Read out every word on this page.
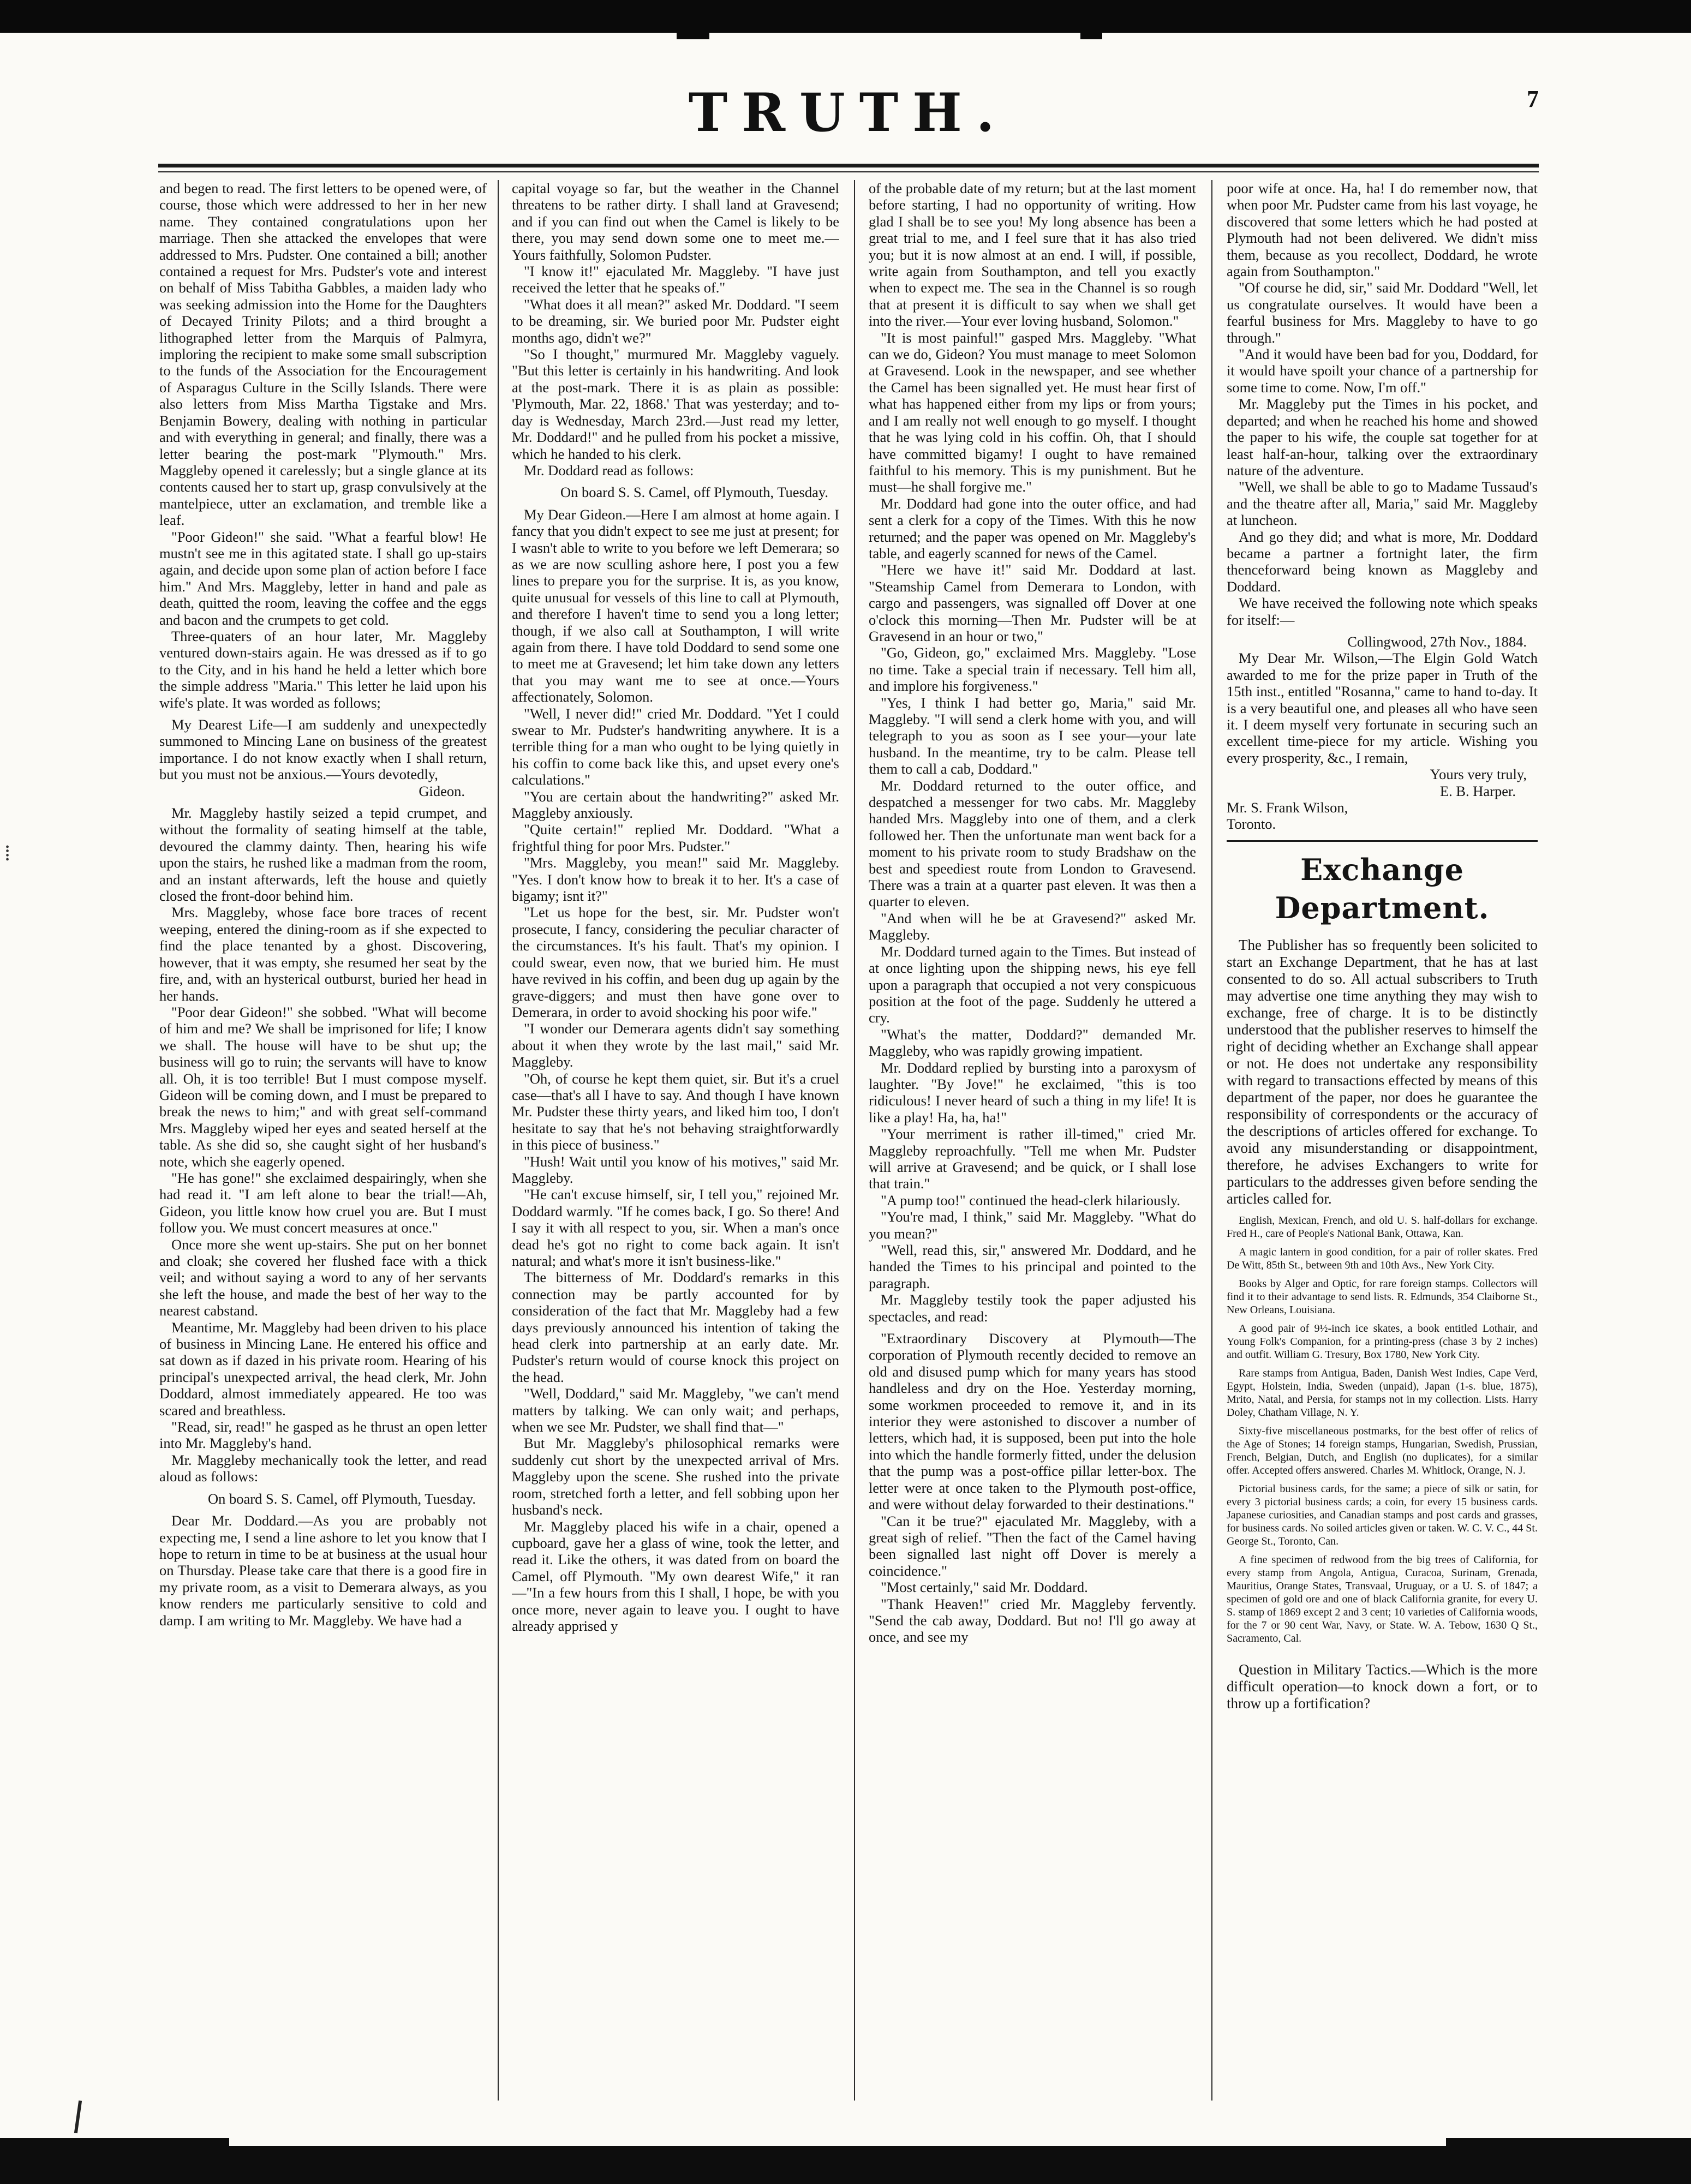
TRUTH.	7

and begen to read. The first letters to be opened were, of course, those which were addressed to her in her new name. They contained congratulations upon her marriage. Then she attacked the envelopes that were addressed to Mrs. Pudster. One contained a bill; another contained a request for Mrs. Pudster's vote and interest on behalf of Miss Tabitha Gabbles, a maiden lady who was seeking admission into the Home for the Daughters of Decayed Trinity Pilots; and a third brought a lithographed letter from the Marquis of Palmyra, imploring the recipient to make some small subscription to the funds of the Association for the Encouragement of Asparagus Culture in the Scilly Islands. There were also letters from Miss Martha Tigstake and Mrs. Benjamin Bowery, dealing with nothing in particular and with everything in general; and finally, there was a letter bearing the post-mark "Plymouth." Mrs. Maggleby opened it carelessly; but a single glance at its contents caused her to start up, grasp convulsively at the mantelpiece, utter an exclamation, and tremble like a leaf.

"Poor Gideon!" she said. "What a fearful blow! He mustn't see me in this agitated state. I shall go up-stairs again, and decide upon some plan of action before I face him." And Mrs. Maggleby, letter in hand and pale as death, quitted the room, leaving the coffee and the eggs and bacon and the crumpets to get cold.

Three-quaters of an hour later, Mr. Maggleby ventured down-stairs again. He was dressed as if to go to the City, and in his hand he held a letter which bore the simple address "Maria." This letter he laid upon his wife's plate. It was worded as follows;

My Dearest Life—I am suddenly and unexpectedly summoned to Mincing Lane on business of the greatest importance. I do not know exactly when I shall return, but you must not be anxious.—Yours devotedly,

Gideon.

Mr. Maggleby hastily seized a tepid crumpet, and without the formality of seating himself at the table, devoured the clammy dainty. Then, hearing his wife upon the stairs, he rushed like a madman from the room, and an instant afterwards, left the house and quietly closed the front-door behind him.

Mrs. Maggleby, whose face bore traces of recent weeping, entered the dining-room as if she expected to find the place tenanted by a ghost. Discovering, however, that it was empty, she resumed her seat by the fire, and, with an hysterical outburst, buried her head in her hands.

"Poor dear Gideon!" she sobbed. "What will become of him and me? We shall be imprisoned for life; I know we shall. The house will have to be shut up; the business will go to ruin; the servants will have to know all. Oh, it is too terrible! But I must compose myself. Gideon will be coming down, and I must be prepared to break the news to him;" and with great self-command Mrs. Maggleby wiped her eyes and seated herself at the table. As she did so, she caught sight of her husband's note, which she eagerly opened.

"He has gone!" she exclaimed despairingly, when she had read it. "I am left alone to bear the trial!—Ah, Gideon, you little know how cruel you are. But I must follow you. We must concert measures at once."

Once more she went up-stairs. She put on her bonnet and cloak; she covered her flushed face with a thick veil; and without saying a word to any of her servants she left the house, and made the best of her way to the nearest cabstand.

Meantime, Mr. Maggleby had been driven to his place of business in Mincing Lane. He entered his office and sat down as if dazed in his private room. Hearing of his principal's unexpected arrival, the head clerk, Mr. John Doddard, almost immediately appeared. He too was scared and breathless.

"Read, sir, read!" he gasped as he thrust an open letter into Mr. Maggleby's hand.

Mr. Maggleby mechanically took the letter, and read aloud as follows:

On board S. S. Camel, off Plymouth, Tuesday.

Dear Mr. Doddard.—As you are probably not expecting me, I send a line ashore to let you know that I hope to return in time to be at business at the usual hour on Thursday. Please take care that there is a good fire in my private room, as a visit to Demerara always, as you know renders me particularly sensitive to cold and damp. I am writing to Mr. Maggleby. We have had a

capital voyage so far, but the weather in the Channel threatens to be rather dirty. I shall land at Gravesend; and if you can find out when the Camel is likely to be there, you may send down some one to meet me.—Yours faithfully, Solomon Pudster.

"I know it!" ejaculated Mr. Maggleby. "I have just received the letter that he speaks of."

"What does it all mean?" asked Mr. Doddard. "I seem to be dreaming, sir. We buried poor Mr. Pudster eight months ago, didn't we?"

"So I thought," murmured Mr. Maggleby vaguely. "But this letter is certainly in his handwriting. And look at the post-mark. There it is as plain as possible: 'Plymouth, Mar. 22, 1868.' That was yesterday; and to-day is Wednesday, March 23rd.—Just read my letter, Mr. Doddard!" and he pulled from his pocket a missive, which he handed to his clerk.

Mr. Doddard read as follows:

On board S. S. Camel, off Plymouth, Tuesday.

My Dear Gideon.—Here I am almost at home again. I fancy that you didn't expect to see me just at present; for I wasn't able to write to you before we left Demerara; so as we are now sculling ashore here, I post you a few lines to prepare you for the surprise. It is, as you know, quite unusual for vessels of this line to call at Plymouth, and therefore I haven't time to send you a long letter; though, if we also call at Southampton, I will write again from there. I have told Doddard to send some one to meet me at Gravesend; let him take down any letters that you may want me to see at once.—Yours affectionately, Solomon.

"Well, I never did!" cried Mr. Doddard. "Yet I could swear to Mr. Pudster's handwriting anywhere. It is a terrible thing for a man who ought to be lying quietly in his coffin to come back like this, and upset every one's calculations."

"You are certain about the handwriting?" asked Mr. Maggleby anxiously.

"Quite certain!" replied Mr. Doddard. "What a frightful thing for poor Mrs. Pudster."

"Mrs. Maggleby, you mean!" said Mr. Maggleby. "Yes. I don't know how to break it to her. It's a case of bigamy; isnt it?"

"Let us hope for the best, sir. Mr. Pudster won't prosecute, I fancy, considering the peculiar character of the circumstances. It's his fault. That's my opinion. I could swear, even now, that we buried him. He must have revived in his coffin, and been dug up again by the grave-diggers; and must then have gone over to Demerara, in order to avoid shocking his poor wife."

"I wonder our Demerara agents didn't say something about it when they wrote by the last mail," said Mr. Maggleby.

"Oh, of course he kept them quiet, sir. But it's a cruel case—that's all I have to say. And though I have known Mr. Pudster these thirty years, and liked him too, I don't hesitate to say that he's not behaving straightforwardly in this piece of business."

"Hush! Wait until you know of his motives," said Mr. Maggleby.

"He can't excuse himself, sir, I tell you," rejoined Mr. Doddard warmly. "If he comes back, I go. So there! And I say it with all respect to you, sir. When a man's once dead he's got no right to come back again. It isn't natural; and what's more it isn't business-like."

The bitterness of Mr. Doddard's remarks in this connection may be partly accounted for by consideration of the fact that Mr. Maggleby had a few days previously announced his intention of taking the head clerk into partnership at an early date. Mr. Pudster's return would of course knock this project on the head.

"Well, Doddard," said Mr. Maggleby, "we can't mend matters by talking. We can only wait; and perhaps, when we see Mr. Pudster, we shall find that—"

But Mr. Maggleby's philosophical remarks were suddenly cut short by the unexpected arrival of Mrs. Maggleby upon the scene. She rushed into the private room, stretched forth a letter, and fell sobbing upon her husband's neck.

Mr. Maggleby placed his wife in a chair, opened a cupboard, gave her a glass of wine, took the letter, and read it. Like the others, it was dated from on board the Camel, off Plymouth. "My own dearest Wife," it ran—"In a few hours from this I shall, I hope, be with you once more, never again to leave you. I ought to have already apprised y

of the probable date of my return; but at the last moment before starting, I had no opportunity of writing. How glad I shall be to see you! My long absence has been a great trial to me, and I feel sure that it has also tried you; but it is now almost at an end. I will, if possible, write again from Southampton, and tell you exactly when to expect me. The sea in the Channel is so rough that at present it is difficult to say when we shall get into the river.—Your ever loving husband, Solomon."

"It is most painful!" gasped Mrs. Maggleby. "What can we do, Gideon? You must manage to meet Solomon at Gravesend. Look in the newspaper, and see whether the Camel has been signalled yet. He must hear first of what has happened either from my lips or from yours; and I am really not well enough to go myself. I thought that he was lying cold in his coffin. Oh, that I should have committed bigamy! I ought to have remained faithful to his memory. This is my punishment. But he must—he shall forgive me."

Mr. Doddard had gone into the outer office, and had sent a clerk for a copy of the Times. With this he now returned; and the paper was opened on Mr. Maggleby's table, and eagerly scanned for news of the Camel.

"Here we have it!" said Mr. Doddard at last. "Steamship Camel from Demerara to London, with cargo and passengers, was signalled off Dover at one o'clock this morning—Then Mr. Pudster will be at Gravesend in an hour or two,"

"Go, Gideon, go," exclaimed Mrs. Maggleby. "Lose no time. Take a special train if necessary. Tell him all, and implore his forgiveness."

"Yes, I think I had better go, Maria," said Mr. Maggleby. "I will send a clerk home with you, and will telegraph to you as soon as I see your—your late husband. In the meantime, try to be calm. Please tell them to call a cab, Doddard."

Mr. Doddard returned to the outer office, and despatched a messenger for two cabs. Mr. Maggleby handed Mrs. Maggleby into one of them, and a clerk followed her. Then the unfortunate man went back for a moment to his private room to study Bradshaw on the best and speediest route from London to Gravesend. There was a train at a quarter past eleven. It was then a quarter to eleven.

"And when will he be at Gravesend?" asked Mr. Maggleby.

Mr. Doddard turned again to the Times. But instead of at once lighting upon the shipping news, his eye fell upon a paragraph that occupied a not very conspicuous position at the foot of the page. Suddenly he uttered a cry.

"What's the matter, Doddard?" demanded Mr. Maggleby, who was rapidly growing impatient.

Mr. Doddard replied by bursting into a paroxysm of laughter. "By Jove!" he exclaimed, "this is too ridiculous! I never heard of such a thing in my life! It is like a play! Ha, ha, ha!"

"Your merriment is rather ill-timed," cried Mr. Maggleby reproachfully. "Tell me when Mr. Pudster will arrive at Gravesend; and be quick, or I shall lose that train."

"A pump too!" continued the head-clerk hilariously.

"You're mad, I think," said Mr. Maggleby. "What do you mean?"

"Well, read this, sir," answered Mr. Doddard, and he handed the Times to his principal and pointed to the paragraph.

Mr. Maggleby testily took the paper adjusted his spectacles, and read:

"Extraordinary Discovery at Plymouth—The corporation of Plymouth recently decided to remove an old and disused pump which for many years has stood handleless and dry on the Hoe. Yesterday morning, some workmen proceeded to remove it, and in its interior they were astonished to discover a number of letters, which had, it is supposed, been put into the hole into which the handle formerly fitted, under the delusion that the pump was a post-office pillar letter-box. The letter were at once taken to the Plymouth post-office, and were without delay forwarded to their destinations."

"Can it be true?" ejaculated Mr. Maggleby, with a great sigh of relief. "Then the fact of the Camel having been signalled last night off Dover is merely a coincidence."

"Most certainly," said Mr. Doddard.

"Thank Heaven!" cried Mr. Maggleby fervently. "Send the cab away, Doddard. But no! I'll go away at once, and see my

poor wife at once. Ha, ha! I do remember now, that when poor Mr. Pudster came from his last voyage, he discovered that some letters which he had posted at Plymouth had not been delivered. We didn't miss them, because as you recollect, Doddard, he wrote again from Southampton."

"Of course he did, sir," said Mr. Doddard "Well, let us congratulate ourselves. It would have been a fearful business for Mrs. Maggleby to have to go through."

"And it would have been bad for you, Doddard, for it would have spoilt your chance of a partnership for some time to come. Now, I'm off."

Mr. Maggleby put the Times in his pocket, and departed; and when he reached his home and showed the paper to his wife, the couple sat together for at least half-an-hour, talking over the extraordinary nature of the adventure.

"Well, we shall be able to go to Madame Tussaud's and the theatre after all, Maria," said Mr. Maggleby at luncheon.

And go they did; and what is more, Mr. Doddard became a partner a fortnight later, the firm thenceforward being known as Maggleby and Doddard.

We have received the following note which speaks for itself:—

Collingwood, 27th Nov., 1884.

My Dear Mr. Wilson,—The Elgin Gold Watch awarded to me for the prize paper in Truth of the 15th inst., entitled "Rosanna," came to hand to-day. It is a very beautiful one, and pleases all who have seen it. I deem myself very fortunate in securing such an excellent time-piece for my article. Wishing you every prosperity, &c., I remain,

Yours very truly,

E. B. Harper.

Mr. S. Frank Wilson,

Toronto.

Exchange Department.

The Publisher has so frequently been solicited to start an Exchange Department, that he has at last consented to do so. All actual subscribers to Truth may advertise one time anything they may wish to exchange, free of charge. It is to be distinctly understood that the publisher reserves to himself the right of deciding whether an Exchange shall appear or not. He does not undertake any responsibility with regard to transactions effected by means of this department of the paper, nor does he guarantee the responsibility of correspondents or the accuracy of the descriptions of articles offered for exchange. To avoid any misunderstanding or disappointment, therefore, he advises Exchangers to write for particulars to the addresses given before sending the articles called for.

English, Mexican, French, and old U. S. half-dollars for exchange. Fred H., care of People's National Bank, Ottawa, Kan.

A magic lantern in good condition, for a pair of roller skates. Fred De Witt, 85th St., between 9th and 10th Avs., New York City.

Books by Alger and Optic, for rare foreign stamps. Collectors will find it to their advantage to send lists. R. Edmunds, 354 Claiborne St., New Orleans, Louisiana.

A good pair of 9½-inch ice skates, a book entitled Lothair, and Young Folk's Companion, for a printing-press (chase 3 by 2 inches) and outfit. William G. Tresury, Box 1780, New York City.

Rare stamps from Antigua, Baden, Danish West Indies, Cape Verd, Egypt, Holstein, India, Sweden (unpaid), Japan (1-s. blue, 1875), Mrito, Natal, and Persia, for stamps not in my collection. Lists. Harry Doley, Chatham Village, N. Y.

Sixty-five miscellaneous postmarks, for the best offer of relics of the Age of Stones; 14 foreign stamps, Hungarian, Swedish, Prussian, French, Belgian, Dutch, and English (no duplicates), for a similar offer. Accepted offers answered. Charles M. Whitlock, Orange, N. J.

Pictorial business cards, for the same; a piece of silk or satin, for every 3 pictorial business cards; a coin, for every 15 business cards. Japanese curiosities, and Canadian stamps and post cards and grasses, for business cards. No soiled articles given or taken. W. C. V. C., 44 St. George St., Toronto, Can.

A fine specimen of redwood from the big trees of California, for every stamp from Angola, Antigua, Curacoa, Surinam, Grenada, Mauritius, Orange States, Transvaal, Uruguay, or a U. S. of 1847; a specimen of gold ore and one of black California granite, for every U. S. stamp of 1869 except 2 and 3 cent; 10 varieties of California woods, for the 7 or 90 cent War, Navy, or State. W. A. Tebow, 1630 Q St., Sacramento, Cal.

Question in Military Tactics.—Which is the more difficult operation—to knock down a fort, or to throw up a fortification?

⁞
